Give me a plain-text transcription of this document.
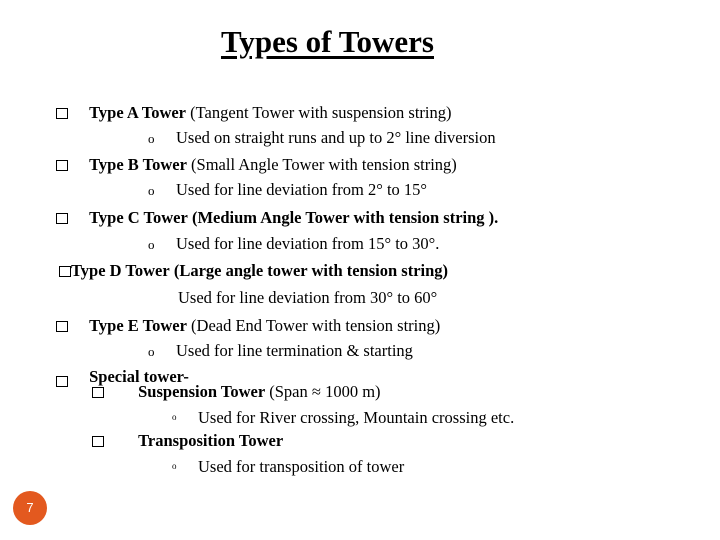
Types of Towers
Type A Tower (Tangent Tower with suspension string)
o Used on straight runs and up to 2° line diversion
Type B Tower (Small Angle Tower with tension string)
o Used for line deviation from 2° to 15°
Type C Tower (Medium Angle Tower with tension string ).
o Used for line deviation from 15° to 30°.
Type D Tower (Large angle tower with tension string)
Used for line deviation from 30° to 60°
Type E Tower (Dead End Tower with tension string)
o Used for line termination & starting
Special tower-
Suspension Tower (Span ≈ 1000 m)
o Used for River crossing, Mountain crossing etc.
Transposition Tower
o Used for transposition of tower
7
